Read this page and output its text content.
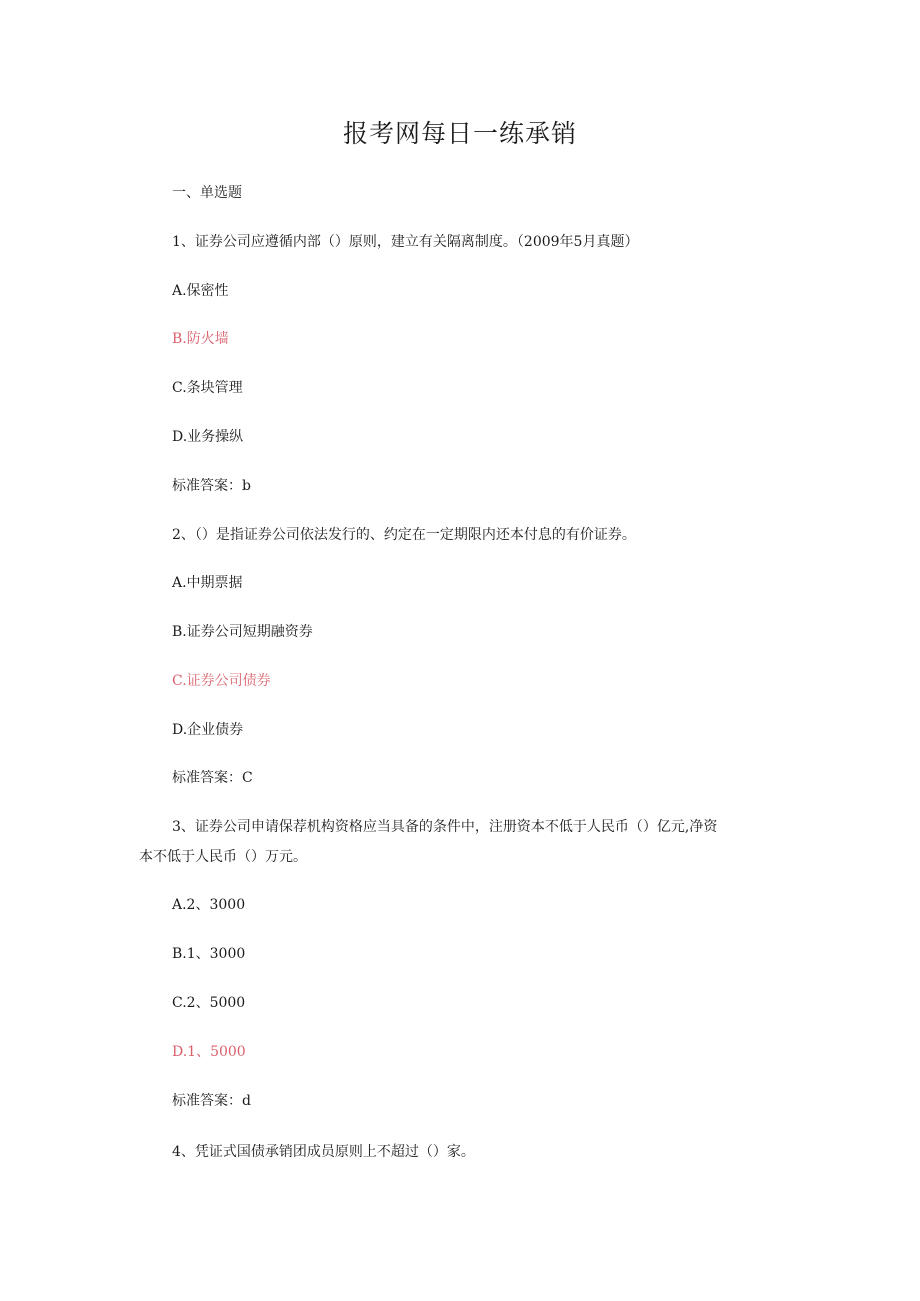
报考网每日一练承销
一、单选题
1、证券公司应遵循内部（）原则，建立有关隔离制度。（2009年5月真题）
A.保密性
B.防火墙
C.条块管理
D.业务操纵
标准答案：b
2、（）是指证券公司依法发行的、约定在一定期限内还本付息的有价证券。
A.中期票据
B.证券公司短期融资券
C.证券公司债券
D.企业债券
标准答案：C
3、证券公司申请保荐机构资格应当具备的条件中，注册资本不低于人民币（）亿元,净资
本不低于人民币（）万元。
A.2、3000
B.1、3000
C.2、5000
D.1、5000
标准答案：d
4、凭证式国债承销团成员原则上不超过（）家。
